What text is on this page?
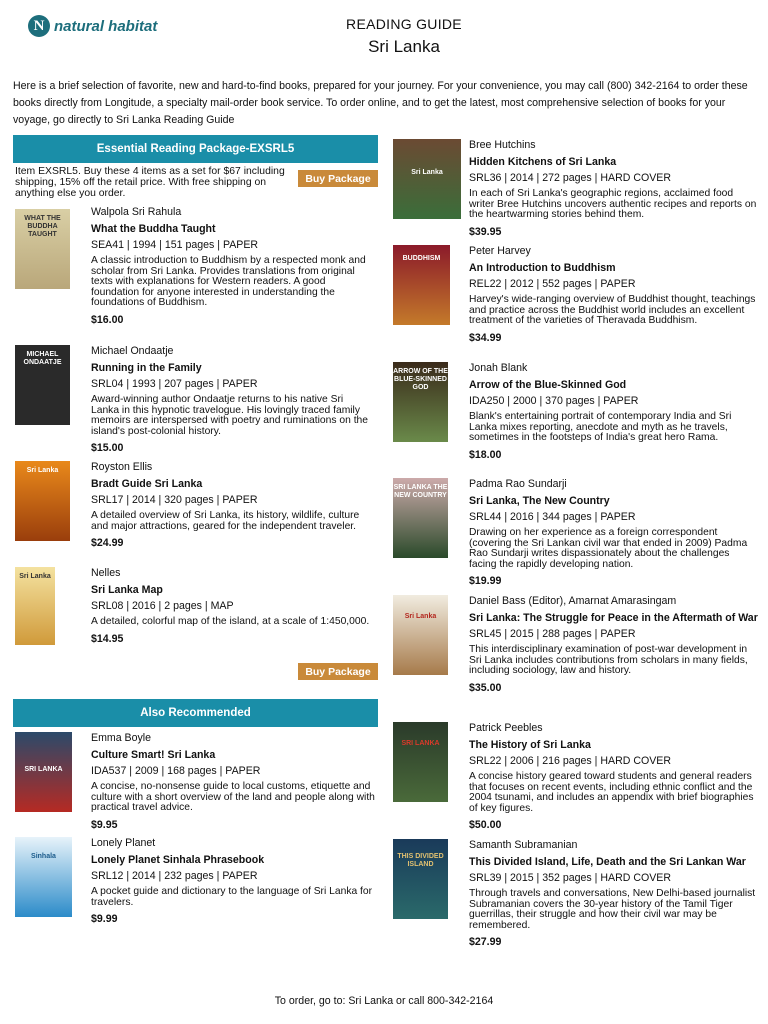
N natural habitat	READING GUIDE
Sri Lanka
Here is a brief selection of favorite, new and hard-to-find books, prepared for your journey. For your convenience, you may call (800) 342-2164 to order these books directly from Longitude, a specialty mail-order book service. To order online, and to get the latest, most comprehensive selection of books for your voyage, go directly to Sri Lanka Reading Guide
Essential Reading Package-EXSRL5
Item EXSRL5. Buy these 4 items as a set for $67 including shipping, 15% off the retail price. With free shipping on anything else you order.
Buy Package
WHAT THE BUDDHA TAUGHT
Walpola Sri Rahula
What the Buddha Taught
SEA41 | 1994 | 151 pages | PAPER
A classic introduction to Buddhism by a respected monk and scholar from Sri Lanka. Provides translations from original texts with explanations for Western readers. A good foundation for anyone interested in understanding the foundations of Buddhism.
$16.00
MICHAEL ONDAATJE
Michael Ondaatje
Running in the Family
SRL04 | 1993 | 207 pages | PAPER
Award-winning author Ondaatje returns to his native Sri Lanka in this hypnotic travelogue. His lovingly traced family memoirs are interspersed with poetry and ruminations on the island's post-colonial history.
$15.00
Sri Lanka	Royston Ellis
Bradt Guide Sri Lanka
SRL17 | 2014 | 320 pages | PAPER
A detailed overview of Sri Lanka, its history, wildlife, culture and major attractions, geared for the independent traveler.
$24.99
Sri Lanka	Nelles
Sri Lanka Map
SRL08 | 2016 | 2 pages | MAP
A detailed, colorful map of the island, at a scale of 1:450,000.
$14.95
Buy Package
Also Recommended
SRI LANKA
Emma Boyle
Culture Smart! Sri Lanka
IDA537 | 2009 | 168 pages | PAPER
A concise, no-nonsense guide to local customs, etiquette and culture with a short overview of the land and people along with practical travel advice.
$9.95
Sinhala
Lonely Planet
Lonely Planet Sinhala Phrasebook
SRL12 | 2014 | 232 pages | PAPER
A pocket guide and dictionary to the language of Sri Lanka for travelers.
$9.99
Sri Lanka
Bree Hutchins
Hidden Kitchens of Sri Lanka
SRL36 | 2014 | 272 pages | HARD COVER
In each of Sri Lanka's geographic regions, acclaimed food writer Bree Hutchins uncovers authentic recipes and reports on the heartwarming stories behind them.
$39.95
BUDDHISM
Peter Harvey
An Introduction to Buddhism
REL22 | 2012 | 552 pages | PAPER
Harvey's wide-ranging overview of Buddhist thought, teachings and practice across the Buddhist world includes an excellent treatment of the varieties of Theravada Buddhism.
$34.99
ARROW OF THE BLUE-SKINNED GOD
Jonah Blank
Arrow of the Blue-Skinned God
IDA250 | 2000 | 370 pages | PAPER
Blank's entertaining portrait of contemporary India and Sri Lanka mixes reporting, anecdote and myth as he travels, sometimes in the footsteps of India's great hero Rama.
$18.00
SRI LANKA THE NEW COUNTRY
Padma Rao Sundarji
Sri Lanka, The New Country
SRL44 | 2016 | 344 pages | PAPER
Drawing on her experience as a foreign correspondent (covering the Sri Lankan civil war that ended in 2009) Padma Rao Sundarji writes dispassionately about the challenges facing the rapidly developing nation.
$19.99
Sri Lanka
Daniel Bass (Editor), Amarnat Amarasingam
Sri Lanka: The Struggle for Peace in the Aftermath of War
SRL45 | 2015 | 288 pages | PAPER
This interdisciplinary examination of post-war development in Sri Lanka includes contributions from scholars in many fields, including sociology, law and history.
$35.00
SRI LANKA
Patrick Peebles
The History of Sri Lanka
SRL22 | 2006 | 216 pages | HARD COVER
A concise history geared toward students and general readers that focuses on recent events, including ethnic conflict and the 2004 tsunami, and includes an appendix with brief biographies of key figures.
$50.00
THIS DIVIDED ISLAND
Samanth Subramanian
This Divided Island, Life, Death and the Sri Lankan War
SRL39 | 2015 | 352 pages | HARD COVER
Through travels and conversations, New Delhi-based journalist Subramanian covers the 30-year history of the Tamil Tiger guerrillas, their struggle and how their civil war may be remembered.
$27.99
To order, go to: Sri Lanka or call 800-342-2164
